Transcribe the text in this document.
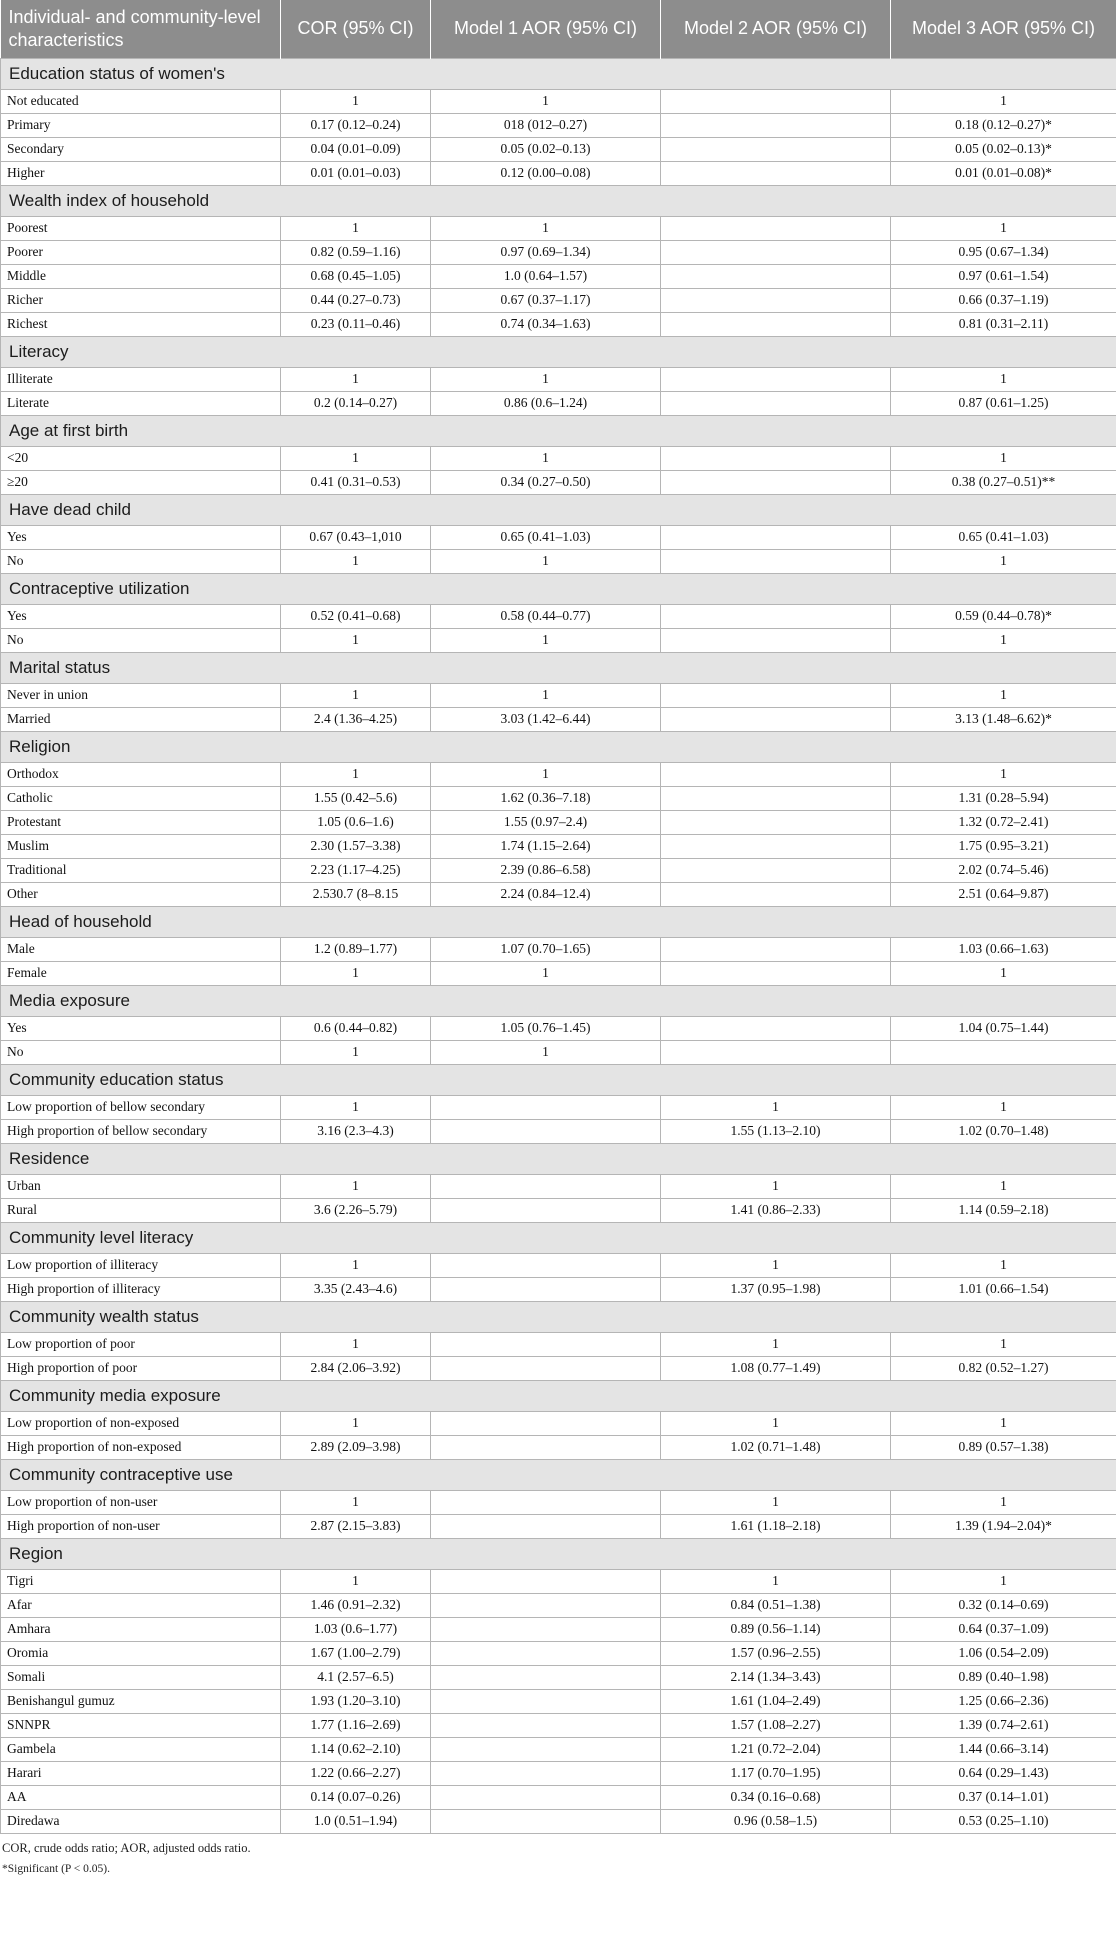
Individual- and community-level characteristics	COR (95% CI)	Model 1 AOR (95% CI)	Model 2 AOR (95% CI)	Model 3 AOR (95% CI)
Education status of women's				
Not educated	1	1		1
Primary	0.17 (0.12–0.24)	018 (012–0.27)		0.18 (0.12–0.27)*
Secondary	0.04 (0.01–0.09)	0.05 (0.02–0.13)		0.05 (0.02–0.13)*
Higher	0.01 (0.01–0.03)	0.12 (0.00–0.08)		0.01 (0.01–0.08)*
Wealth index of household				
Poorest	1	1		1
Poorer	0.82 (0.59–1.16)	0.97 (0.69–1.34)		0.95 (0.67–1.34)
Middle	0.68 (0.45–1.05)	1.0 (0.64–1.57)		0.97 (0.61–1.54)
Richer	0.44 (0.27–0.73)	0.67 (0.37–1.17)		0.66 (0.37–1.19)
Richest	0.23 (0.11–0.46)	0.74 (0.34–1.63)		0.81 (0.31–2.11)
Literacy				
Illiterate	1	1		1
Literate	0.2 (0.14–0.27)	0.86 (0.6–1.24)		0.87 (0.61–1.25)
Age at first birth				
<20	1	1		1
≥20	0.41 (0.31–0.53)	0.34 (0.27–0.50)		0.38 (0.27–0.51)**
Have dead child				
Yes	0.67 (0.43–1,010	0.65 (0.41–1.03)		0.65 (0.41–1.03)
No	1	1		1
Contraceptive utilization				
Yes	0.52 (0.41–0.68)	0.58 (0.44–0.77)		0.59 (0.44–0.78)*
No	1	1		1
Marital status				
Never in union	1	1		1
Married	2.4 (1.36–4.25)	3.03 (1.42–6.44)		3.13 (1.48–6.62)*
Religion				
Orthodox	1	1		1
Catholic	1.55 (0.42–5.6)	1.62 (0.36–7.18)		1.31 (0.28–5.94)
Protestant	1.05 (0.6–1.6)	1.55 (0.97–2.4)		1.32 (0.72–2.41)
Muslim	2.30 (1.57–3.38)	1.74 (1.15–2.64)		1.75 (0.95–3.21)
Traditional	2.23 (1.17–4.25)	2.39 (0.86–6.58)		2.02 (0.74–5.46)
Other	2.530.7 (8–8.15	2.24 (0.84–12.4)		2.51 (0.64–9.87)
Head of household				
Male	1.2 (0.89–1.77)	1.07 (0.70–1.65)		1.03 (0.66–1.63)
Female	1	1		1
Media exposure				
Yes	0.6 (0.44–0.82)	1.05 (0.76–1.45)		1.04 (0.75–1.44)
No	1	1		
Community education status				
Low proportion of bellow secondary	1		1	1
High proportion of bellow secondary	3.16 (2.3–4.3)		1.55 (1.13–2.10)	1.02 (0.70–1.48)
Residence				
Urban	1		1	1
Rural	3.6 (2.26–5.79)		1.41 (0.86–2.33)	1.14 (0.59–2.18)
Community level literacy				
Low proportion of illiteracy	1		1	1
High proportion of illiteracy	3.35 (2.43–4.6)		1.37 (0.95–1.98)	1.01 (0.66–1.54)
Community wealth status				
Low proportion of poor	1		1	1
High proportion of poor	2.84 (2.06–3.92)		1.08 (0.77–1.49)	0.82 (0.52–1.27)
Community media exposure				
Low proportion of non-exposed	1		1	1
High proportion of non-exposed	2.89 (2.09–3.98)		1.02 (0.71–1.48)	0.89 (0.57–1.38)
Community contraceptive use				
Low proportion of non-user	1		1	1
High proportion of non-user	2.87 (2.15–3.83)		1.61 (1.18–2.18)	1.39 (1.94–2.04)*
Region				
Tigri	1		1	1
Afar	1.46 (0.91–2.32)		0.84 (0.51–1.38)	0.32 (0.14–0.69)
Amhara	1.03 (0.6–1.77)		0.89 (0.56–1.14)	0.64 (0.37–1.09)
Oromia	1.67 (1.00–2.79)		1.57 (0.96–2.55)	1.06 (0.54–2.09)
Somali	4.1 (2.57–6.5)		2.14 (1.34–3.43)	0.89 (0.40–1.98)
Benishangul gumuz	1.93 (1.20–3.10)		1.61 (1.04–2.49)	1.25 (0.66–2.36)
SNNPR	1.77 (1.16–2.69)		1.57 (1.08–2.27)	1.39 (0.74–2.61)
Gambela	1.14 (0.62–2.10)		1.21 (0.72–2.04)	1.44 (0.66–3.14)
Harari	1.22 (0.66–2.27)		1.17 (0.70–1.95)	0.64 (0.29–1.43)
AA	0.14 (0.07–0.26)		0.34 (0.16–0.68)	0.37 (0.14–1.01)
Diredawa	1.0 (0.51–1.94)		0.96 (0.58–1.5)	0.53 (0.25–1.10)
COR, crude odds ratio; AOR, adjusted odds ratio.
*Significant (P < 0.05).
